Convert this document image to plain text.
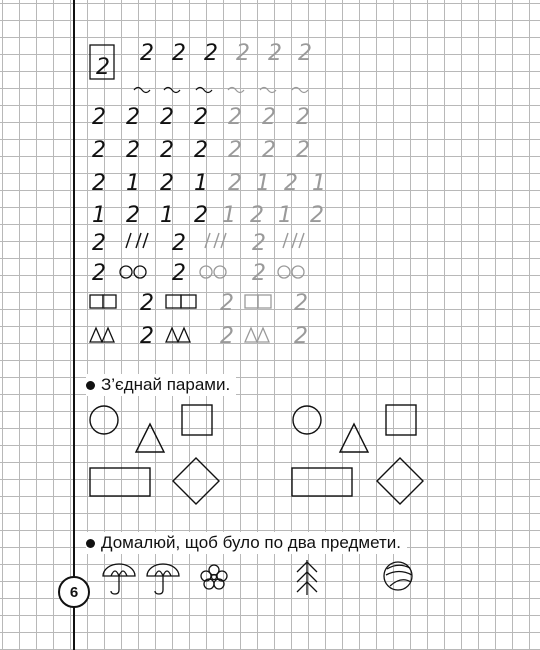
2
2 2 2 2 2 2
2 2 2 2 2 2 2
2 2 2 2 2 2 2
2 1 2 1 2 1 2 1
1 2 1 2 1 2 1 2
2	2	2
2	2	2
2	2	2
2	2	2
З’єднай парами.
Домалюй, щоб було по два предмети.
6
